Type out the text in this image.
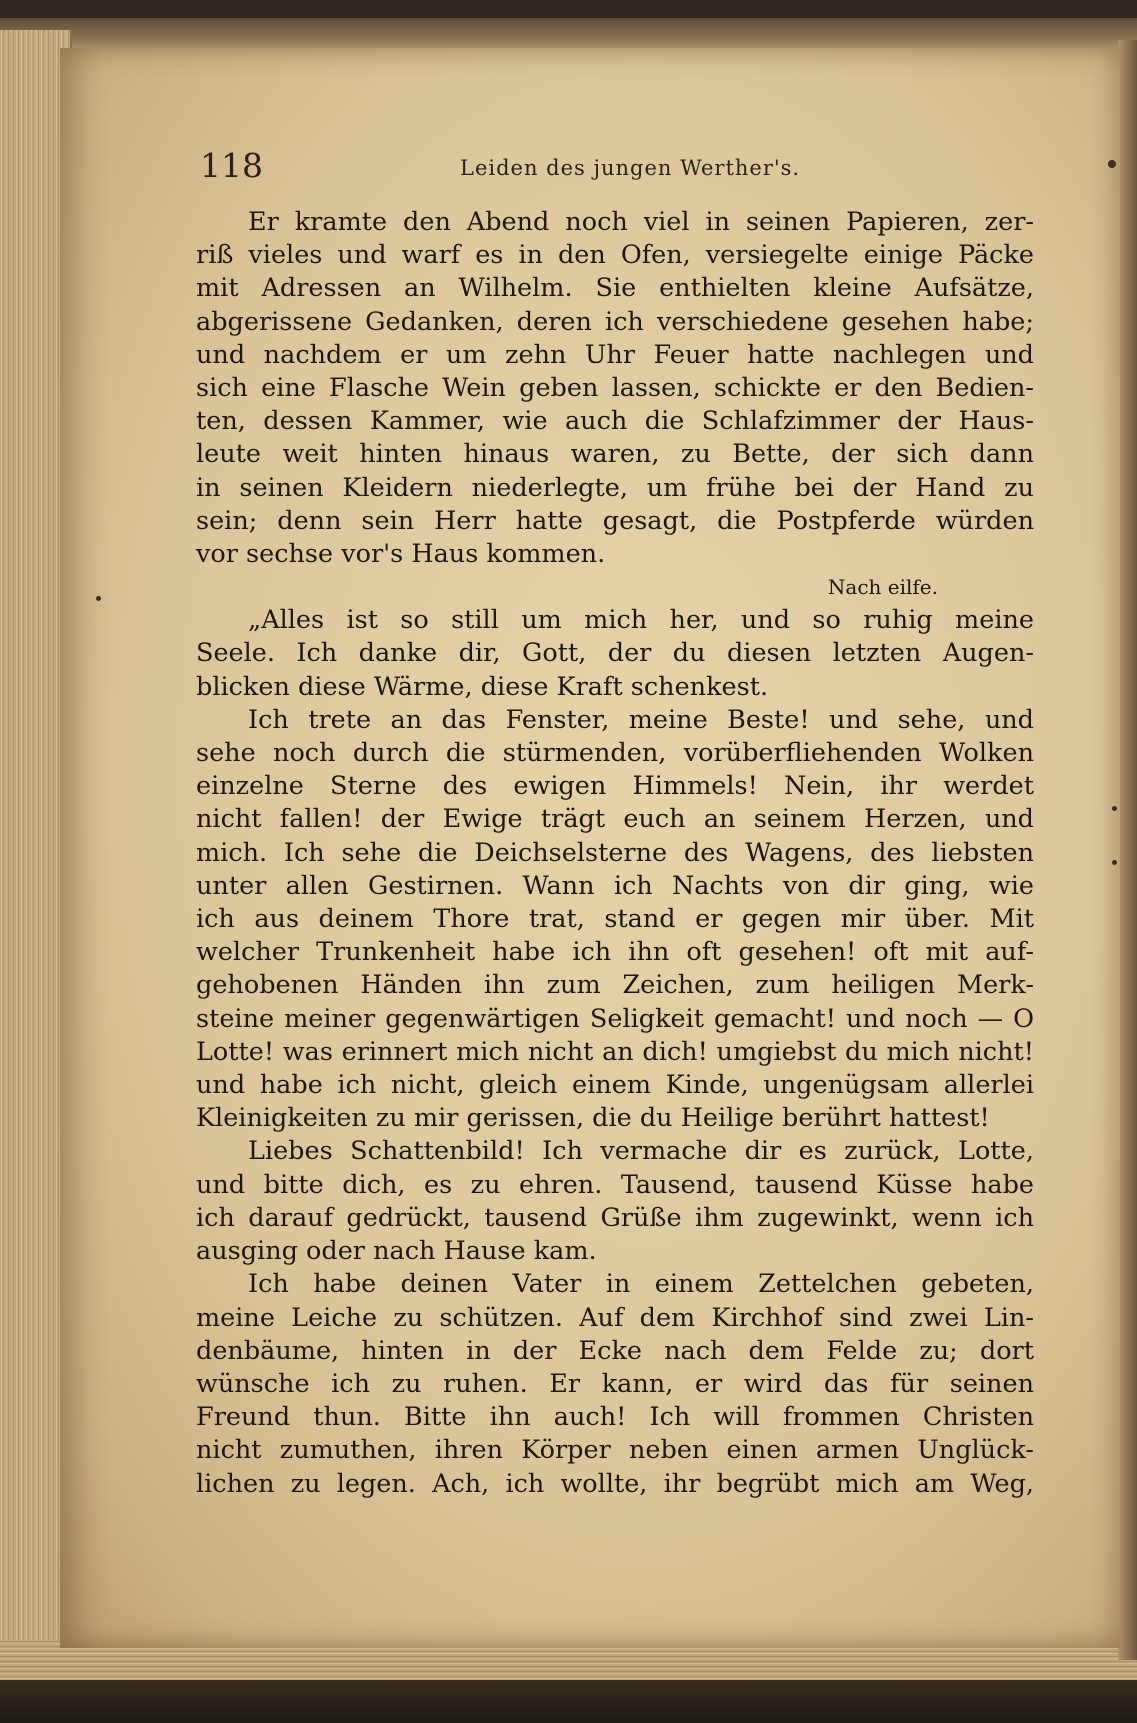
118	Leiden des jungen Werther's.

Er kramte den Abend noch viel in seinen Papieren, zer-

riß vieles und warf es in den Ofen, versiegelte einige Päcke

mit Adressen an Wilhelm. Sie enthielten kleine Aufsätze,

abgerissene Gedanken, deren ich verschiedene gesehen habe;

und nachdem er um zehn Uhr Feuer hatte nachlegen und

sich eine Flasche Wein geben lassen, schickte er den Bedien-

ten, dessen Kammer, wie auch die Schlafzimmer der Haus-

leute weit hinten hinaus waren, zu Bette, der sich dann

in seinen Kleidern niederlegte, um frühe bei der Hand zu

sein; denn sein Herr hatte gesagt, die Postpferde würden

vor sechse vor's Haus kommen.

Nach eilfe.

„Alles ist so still um mich her, und so ruhig meine

Seele. Ich danke dir, Gott, der du diesen letzten Augen-

blicken diese Wärme, diese Kraft schenkest.

Ich trete an das Fenster, meine Beste! und sehe, und

sehe noch durch die stürmenden, vorüberfliehenden Wolken

einzelne Sterne des ewigen Himmels! Nein, ihr werdet

nicht fallen! der Ewige trägt euch an seinem Herzen, und

mich. Ich sehe die Deichselsterne des Wagens, des liebsten

unter allen Gestirnen. Wann ich Nachts von dir ging, wie

ich aus deinem Thore trat, stand er gegen mir über. Mit

welcher Trunkenheit habe ich ihn oft gesehen! oft mit auf-

gehobenen Händen ihn zum Zeichen, zum heiligen Merk-

steine meiner gegenwärtigen Seligkeit gemacht! und noch — O

Lotte! was erinnert mich nicht an dich! umgiebst du mich nicht!

und habe ich nicht, gleich einem Kinde, ungenügsam allerlei

Kleinigkeiten zu mir gerissen, die du Heilige berührt hattest!

Liebes Schattenbild! Ich vermache dir es zurück, Lotte,

und bitte dich, es zu ehren. Tausend, tausend Küsse habe

ich darauf gedrückt, tausend Grüße ihm zugewinkt, wenn ich

ausging oder nach Hause kam.

Ich habe deinen Vater in einem Zettelchen gebeten,

meine Leiche zu schützen. Auf dem Kirchhof sind zwei Lin-

denbäume, hinten in der Ecke nach dem Felde zu; dort

wünsche ich zu ruhen. Er kann, er wird das für seinen

Freund thun. Bitte ihn auch! Ich will frommen Christen

nicht zumuthen, ihren Körper neben einen armen Unglück-

lichen zu legen. Ach, ich wollte, ihr begrübt mich am Weg,
